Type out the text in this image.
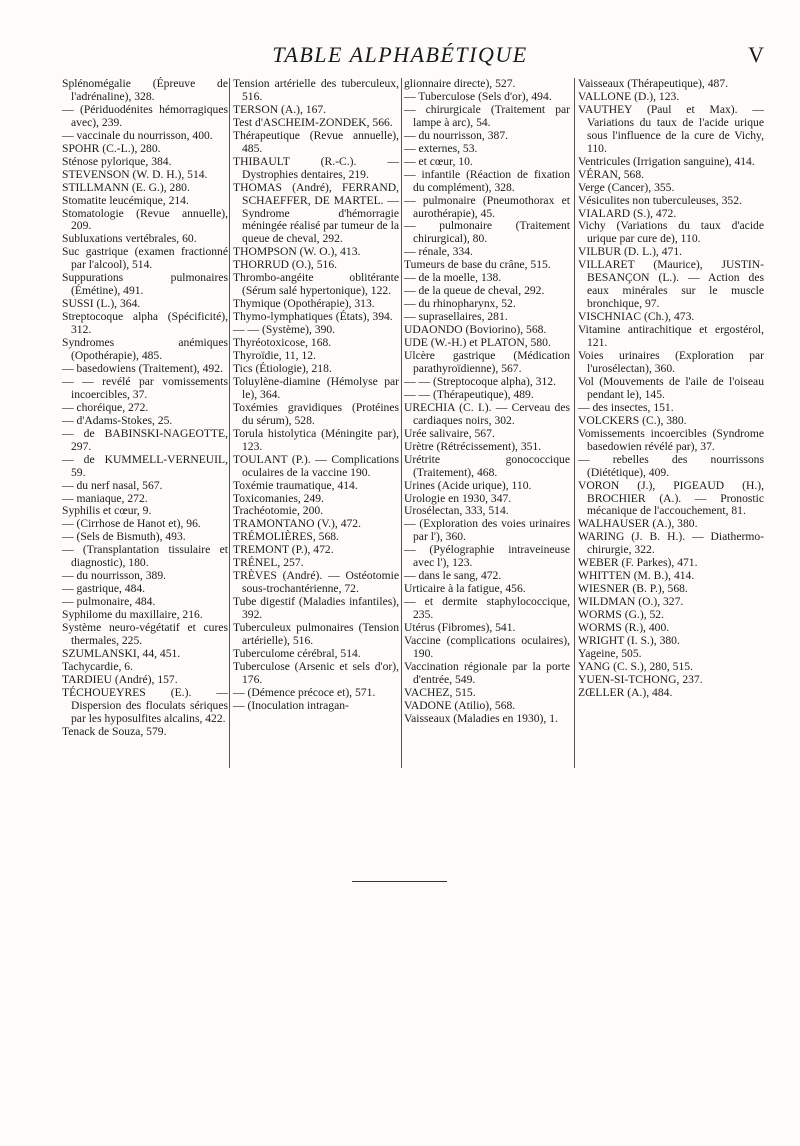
TABLE ALPHABÉTIQUE	V

Splénomégalie (Épreuve de l'adrénaline), 328.

— (Périduodénites hémorragiques avec), 239.

— vaccinale du nourrisson, 400.

SPOHR (C.-L.), 280.

Sténose pylorique, 384.

STEVENSON (W. D. H.), 514.

STILLMANN (E. G.), 280.

Stomatite leucémique, 214.

Stomatologie (Revue annuelle), 209.

Subluxations vertébrales, 60.

Suc gastrique (examen fractionné par l'alcool), 514.

Suppurations pulmonaires (Émétine), 491.

SUSSI (L.), 364.

Streptocoque alpha (Spécificité), 312.

Syndromes anémiques (Opothérapie), 485.

— basedowiens (Traitement), 492.

— — revélé par vomissements incoercibles, 37.

— choréique, 272.

— d'Adams-Stokes, 25.

— de BABINSKI-NAGEOTTE, 297.

— de KUMMELL-VERNEUIL, 59.

— du nerf nasal, 567.

— maniaque, 272.

Syphilis et cœur, 9.

— (Cirrhose de Hanot et), 96.

— (Sels de Bismuth), 493.

— (Transplantation tissulaire et diagnostic), 180.

— du nourrisson, 389.

— gastrique, 484.

— pulmonaire, 484.

Syphilome du maxillaire, 216.

Système neuro-végétatif et cures thermales, 225.

SZUMLANSKI, 44, 451.

Tachycardie, 6.

TARDIEU (André), 157.

TÉCHOUEYRES (E.). — Dispersion des floculats sériques par les hyposulfites alcalins, 422.

Tenack de Souza, 579.

Tension artérielle des tuberculeux, 516.

TERSON (A.), 167.

Test d'ASCHEIM-ZONDEK, 566.

Thérapeutique (Revue annuelle), 485.

THIBAULT (R.-C.). — Dystrophies dentaires, 219.

THOMAS (André), FERRAND, SCHAEFFER, DE MARTEL. — Syndrome d'hémorragie méningée réalisé par tumeur de la queue de cheval, 292.

THOMPSON (W. O.), 413.

THORRUD (O.), 516.

Thrombo-angéite oblitérante (Sérum salé hypertonique), 122.

Thymique (Opothérapie), 313.

Thymo-lymphatiques (États), 394.

— — (Système), 390.

Thyréotoxicose, 168.

Thyroïdie, 11, 12.

Tics (Étiologie), 218.

Toluylène-diamine (Hémolyse par le), 364.

Toxémies gravidiques (Protéines du sérum), 528.

Torula histolytica (Méningite par), 123.

TOULANT (P.). — Complications oculaires de la vaccine 190.

Toxémie traumatique, 414.

Toxicomanies, 249.

Trachéotomie, 200.

TRAMONTANO (V.), 472.

TRÉMOLIÈRES, 568.

TREMONT (P.), 472.

TRÉNEL, 257.

TRÈVES (André). — Ostéotomie sous-trochantérienne, 72.

Tube digestif (Maladies infantiles), 392.

Tuberculeux pulmonaires (Tension artérielle), 516.

Tuberculome cérébral, 514.

Tuberculose (Arsenic et sels d'or), 176.

— (Démence précoce et), 571.

— (Inoculation intragan-

glionnaire directe), 527.

— Tuberculose (Sels d'or), 494.

— chirurgicale (Traitement par lampe à arc), 54.

— du nourrisson, 387.

— externes, 53.

— et cœur, 10.

— infantile (Réaction de fixation du complément), 328.

— pulmonaire (Pneumothorax et aurothérapie), 45.

— pulmonaire (Traitement chirurgical), 80.

— rénale, 334.

Tumeurs de base du crâne, 515.

— de la moelle, 138.

— de la queue de cheval, 292.

— du rhinopharynx, 52.

— suprasellaires, 281.

UDAONDO (Boviorino), 568.

UDE (W.-H.) et PLATON, 580.

Ulcère gastrique (Médication parathyroïdienne), 567.

— — (Streptocoque alpha), 312.

— — (Thérapeutique), 489.

URECHIA (C. I.). — Cerveau des cardiaques noirs, 302.

Urée salivaire, 567.

Urètre (Rétrécissement), 351.

Urétrite gonococcique (Traitement), 468.

Urines (Acide urique), 110.

Urologie en 1930, 347.

Urosélectan, 333, 514.

— (Exploration des voies urinaires par l'), 360.

— (Pyélographie intraveineuse avec l'), 123.

— dans le sang, 472.

Urticaire à la fatigue, 456.

— et dermite staphylococcique, 235.

Utérus (Fibromes), 541.

Vaccine (complications oculaires), 190.

Vaccination régionale par la porte d'entrée, 549.

VACHEZ, 515.

VADONE (Atilio), 568.

Vaisseaux (Maladies en 1930), 1.

Vaisseaux (Thérapeutique), 487.

VALLONE (D.), 123.

VAUTHEY (Paul et Max). — Variations du taux de l'acide urique sous l'influence de la cure de Vichy, 110.

Ventricules (Irrigation sanguine), 414.

VÉRAN, 568.

Verge (Cancer), 355.

Vésiculites non tuberculeuses, 352.

VIALARD (S.), 472.

Vichy (Variations du taux d'acide urique par cure de), 110.

VILBUR (D. L.), 471.

VILLARET (Maurice), JUSTIN-BESANÇON (L.). — Action des eaux minérales sur le muscle bronchique, 97.

VISCHNIAC (Ch.), 473.

Vitamine antirachitique et ergostérol, 121.

Voies urinaires (Exploration par l'urosélectan), 360.

Vol (Mouvements de l'aile de l'oiseau pendant le), 145.

— des insectes, 151.

VOLCKERS (C.), 380.

Vomissements incoercibles (Syndrome basedowien révélé par), 37.

— rebelles des nourrissons (Diététique), 409.

VORON (J.), PIGEAUD (H.), BROCHIER (A.). — Pronostic mécanique de l'accouchement, 81.

WALHAUSER (A.), 380.

WARING (J. B. H.). — Diathermo-chirurgie, 322.

WEBER (F. Parkes), 471.

WHITTEN (M. B.), 414.

WIESNER (B. P.), 568.

WILDMAN (O.), 327.

WORMS (G.), 52.

WORMS (R.), 400.

WRIGHT (I. S.), 380.

Yageine, 505.

YANG (C. S.), 280, 515.

YUEN-SI-TCHONG, 237.

ZŒLLER (A.), 484.
